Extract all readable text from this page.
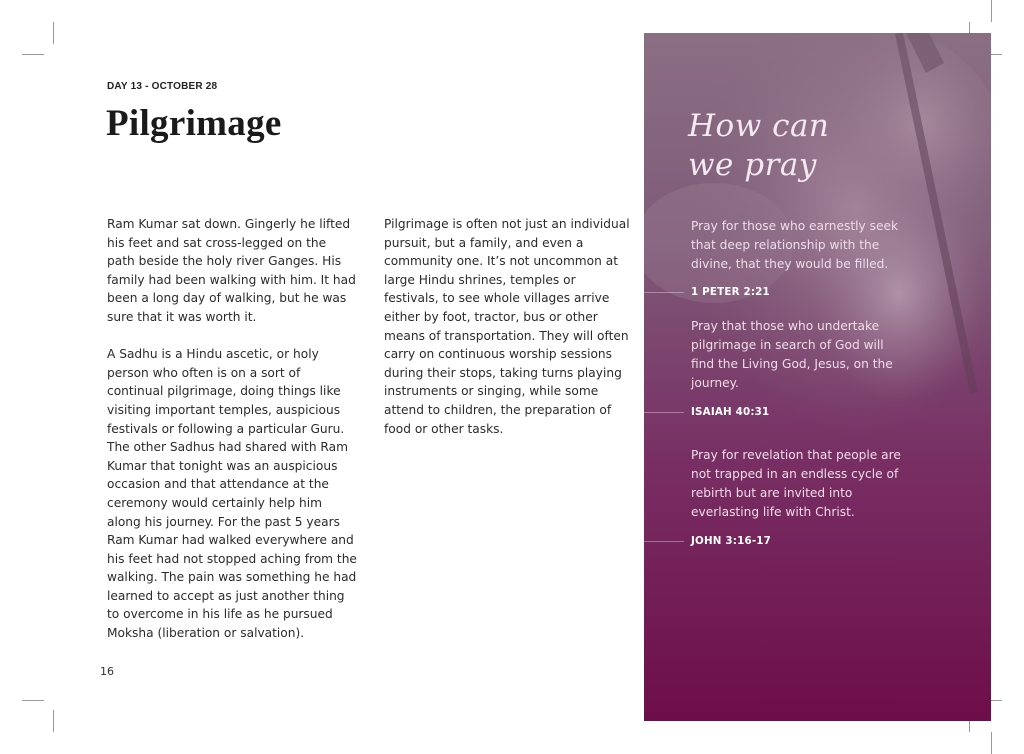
DAY 13 - OCTOBER 28
Pilgrimage

Ram Kumar sat down. Gingerly he lifted his feet and sat cross-legged on the path beside the holy river Ganges. His family had been walking with him. It had been a long day of walking, but he was sure that it was worth it.

A Sadhu is a Hindu ascetic, or holy person who often is on a sort of continual pilgrimage, doing things like visiting important temples, auspicious festivals or following a particular Guru. The other Sadhus had shared with Ram Kumar that tonight was an auspicious occasion and that attendance at the ceremony would certainly help him along his journey. For the past 5 years Ram Kumar had walked everywhere and his feet had not stopped aching from the walking. The pain was something he had learned to accept as just another thing to overcome in his life as he pursued Moksha (liberation or salvation).

Pilgrimage is often not just an individual pursuit, but a family, and even a community one. It’s not uncommon at large Hindu shrines, temples or festivals, to see whole villages arrive either by foot, tractor, bus or other means of transportation. They will often carry on continuous worship sessions during their stops, taking turns playing instruments or singing, while some attend to children, the preparation of food or other tasks.

16
How can
we pray

Pray for those who earnestly seek that deep relationship with the divine, that they would be filled.

1 PETER 2:21

Pray that those who undertake pilgrimage in search of God will find the Living God, Jesus, on the journey.

ISAIAH 40:31

Pray for revelation that people are not trapped in an endless cycle of rebirth but are invited into everlasting life with Christ.

JOHN 3:16-17
